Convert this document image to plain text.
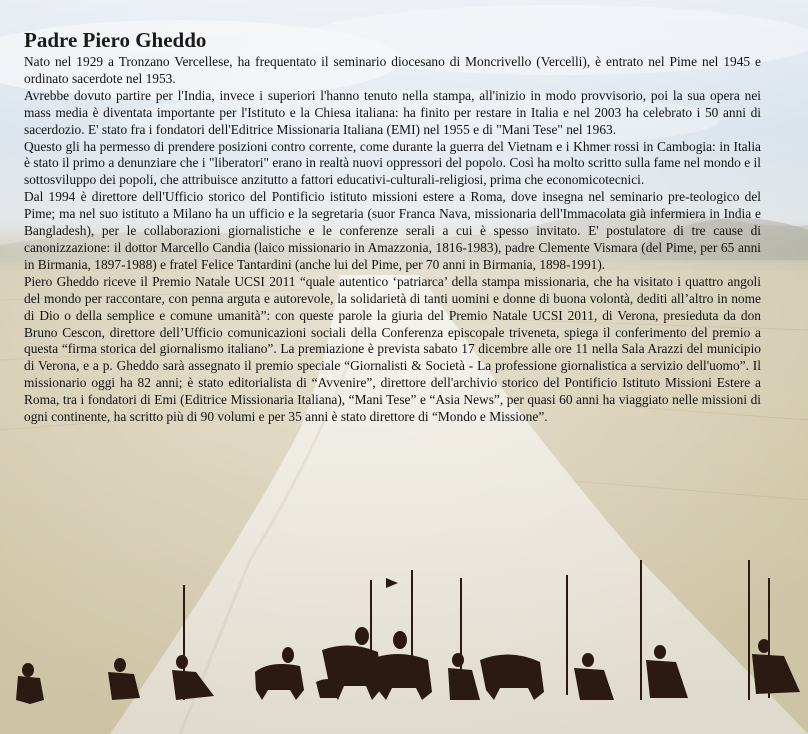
Padre Piero Gheddo

Nato nel 1929 a Tronzano Vercellese, ha frequentato il seminario diocesano di Moncrivello (Vercelli), è entrato nel Pime nel 1945 e ordinato sacerdote nel 1953.

Avrebbe dovuto partire per l'India, invece i superiori l'hanno tenuto nella stampa, all'inizio in modo provvisorio, poi la sua opera nei mass media è diventata importante per l'Istituto e la Chiesa italiana: ha finito per restare in Italia e nel 2003 ha celebrato i 50 anni di sacerdozio. E' stato fra i fondatori dell'Editrice Missionaria Italiana (EMI) nel 1955 e di "Mani Tese" nel 1963.

Questo gli ha permesso di prendere posizioni contro corrente, come durante la guerra del Vietnam e i Khmer rossi in Cambogia: in Italia è stato il primo a denunziare che i "liberatori" erano in realtà nuovi oppressori del popolo. Così ha molto scritto sulla fame nel mondo e il sottosviluppo dei popoli, che attribuisce anzitutto a fattori educativi-culturali-religiosi, prima che economicotecnici.

Dal 1994 è direttore dell'Ufficio storico del Pontificio istituto missioni estere a Roma, dove insegna nel seminario pre-teologico del Pime; ma nel suo istituto a Milano ha un ufficio e la segretaria (suor Franca Nava, missionaria dell'Immacolata già infermiera in India e Bangladesh), per le collaborazioni giornalistiche e le conferenze serali a cui è spesso invitato. E' postulatore di tre cause di canonizzazione: il dottor Marcello Candia (laico missionario in Amazzonia, 1816-1983), padre Clemente Vismara (del Pime, per 65 anni in Birmania, 1897-1988) e fratel Felice Tantardini (anche lui del Pime, per 70 anni in Birmania, 1898-1991).

Piero Gheddo riceve il Premio Natale UCSI 2011 “quale autentico ‘patriarca’ della stampa missionaria, che ha visitato i quattro angoli del mondo per raccontare, con penna arguta e autorevole, la solidarietà di tanti uomini e donne di buona volontà, dediti all’altro in nome di Dio o della semplice e comune umanità”: con queste parole la giuria del Premio Natale UCSI 2011, di Verona, presieduta da don Bruno Cescon, direttore dell’Ufficio comunicazioni sociali della Conferenza episcopale triveneta, spiega il conferimento del premio a questa “firma storica del giornalismo italiano”. La premiazione è prevista sabato 17 dicembre alle ore 11 nella Sala Arazzi del municipio di Verona, e a p. Gheddo sarà assegnato il premio speciale “Giornalisti & Società - La professione giornalistica a servizio dell'uomo”. Il missionario oggi ha 82 anni; è stato editorialista di “Avvenire”, direttore dell'archivio storico del Pontificio Istituto Missioni Estere a Roma, tra i fondatori di Emi (Editrice Missionaria Italiana), “Mani Tese” e “Asia News”, per quasi 60 anni ha viaggiato nelle missioni di ogni continente, ha scritto più di 90 volumi e per 35 anni è stato direttore di “Mondo e Missione”.
